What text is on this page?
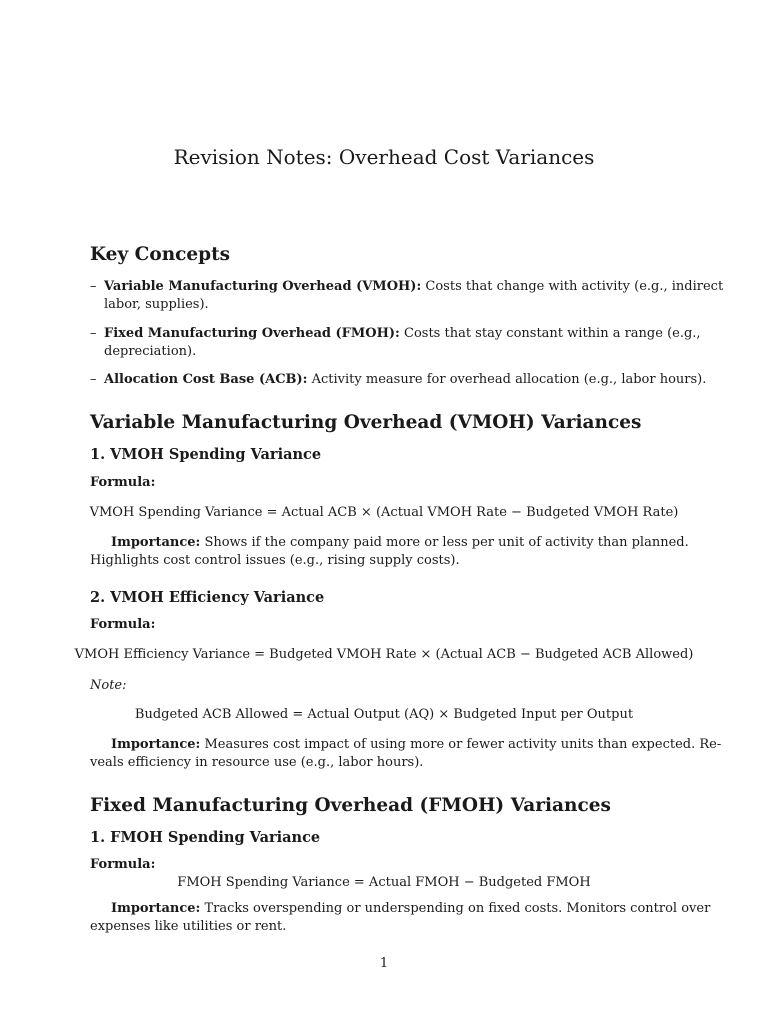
Revision Notes: Overhead Cost Variances
Key Concepts
– Variable Manufacturing Overhead (VMOH): Costs that change with activity (e.g., indirect
labor, supplies).
– Fixed Manufacturing Overhead (FMOH): Costs that stay constant within a range (e.g.,
depreciation).
– Allocation Cost Base (ACB): Activity measure for overhead allocation (e.g., labor hours).
Variable Manufacturing Overhead (VMOH) Variances
1. VMOH Spending Variance
Formula:
VMOH Spending Variance = Actual ACB × (Actual VMOH Rate − Budgeted VMOH Rate)
Importance: Shows if the company paid more or less per unit of activity than planned.
Highlights cost control issues (e.g., rising supply costs).
2. VMOH Efficiency Variance
Formula:
VMOH Efficiency Variance = Budgeted VMOH Rate × (Actual ACB − Budgeted ACB Allowed)
Note:
Budgeted ACB Allowed = Actual Output (AQ) × Budgeted Input per Output
Importance: Measures cost impact of using more or fewer activity units than expected. Re-
veals efficiency in resource use (e.g., labor hours).
Fixed Manufacturing Overhead (FMOH) Variances
1. FMOH Spending Variance
Formula:
FMOH Spending Variance = Actual FMOH − Budgeted FMOH
Importance: Tracks overspending or underspending on fixed costs. Monitors control over
expenses like utilities or rent.
1
